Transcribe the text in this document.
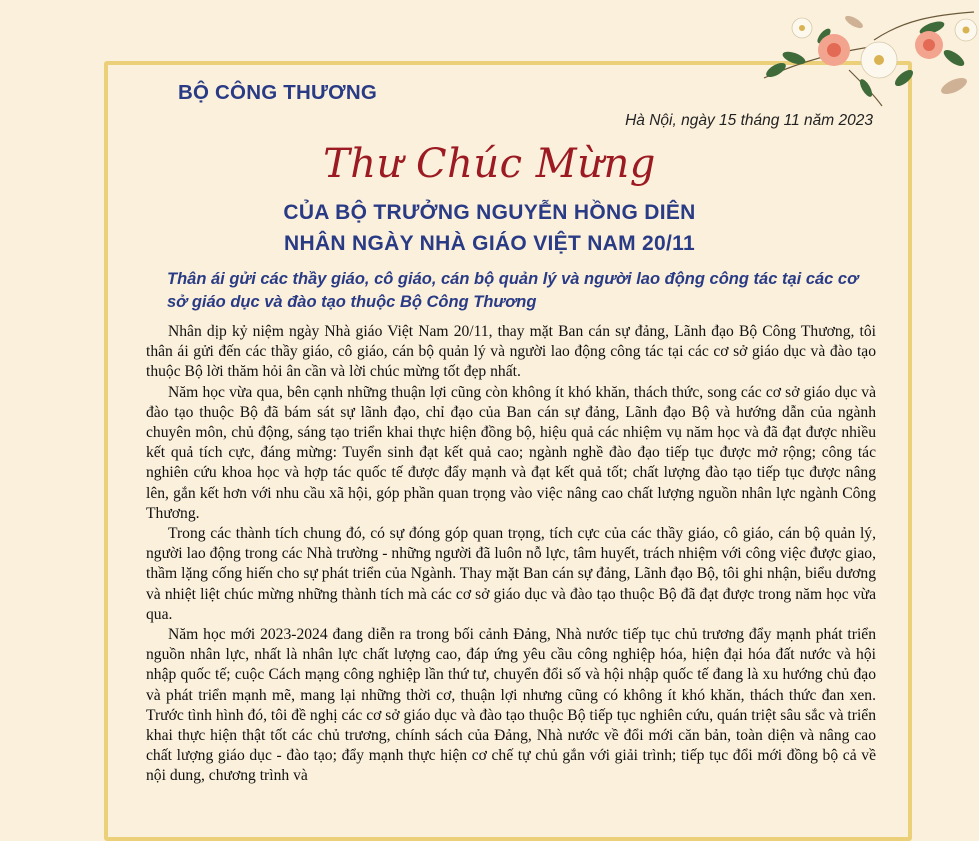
BỘ CÔNG THƯƠNG
Hà Nội, ngày 15 tháng 11 năm 2023
Thư Chúc Mừng
CỦA BỘ TRƯỞNG NGUYỄN HỒNG DIÊN
NHÂN NGÀY NHÀ GIÁO VIỆT NAM 20/11
Thân ái gửi các thầy giáo, cô giáo, cán bộ quản lý và người lao động công tác tại các cơ sở giáo dục và đào tạo thuộc Bộ Công Thương

Nhân dịp kỷ niệm ngày Nhà giáo Việt Nam 20/11, thay mặt Ban cán sự đảng, Lãnh đạo Bộ Công Thương, tôi thân ái gửi đến các thầy giáo, cô giáo, cán bộ quản lý và người lao động công tác tại các cơ sở giáo dục và đào tạo thuộc Bộ lời thăm hỏi ân cần và lời chúc mừng tốt đẹp nhất.

Năm học vừa qua, bên cạnh những thuận lợi cũng còn không ít khó khăn, thách thức, song các cơ sở giáo dục và đào tạo thuộc Bộ đã bám sát sự lãnh đạo, chỉ đạo của Ban cán sự đảng, Lãnh đạo Bộ và hướng dẫn của ngành chuyên môn, chủ động, sáng tạo triển khai thực hiện đồng bộ, hiệu quả các nhiệm vụ năm học và đã đạt được nhiều kết quả tích cực, đáng mừng: Tuyển sinh đạt kết quả cao; ngành nghề đào đạo tiếp tục được mở rộng; công tác nghiên cứu khoa học và hợp tác quốc tế được đẩy mạnh và đạt kết quả tốt; chất lượng đào tạo tiếp tục được nâng lên, gắn kết hơn với nhu cầu xã hội, góp phần quan trọng vào việc nâng cao chất lượng nguồn nhân lực ngành Công Thương.

Trong các thành tích chung đó, có sự đóng góp quan trọng, tích cực của các thầy giáo, cô giáo, cán bộ quản lý, người lao động trong các Nhà trường - những người đã luôn nỗ lực, tâm huyết, trách nhiệm với công việc được giao, thầm lặng cống hiến cho sự phát triển của Ngành. Thay mặt Ban cán sự đảng, Lãnh đạo Bộ, tôi ghi nhận, biểu dương và nhiệt liệt chúc mừng những thành tích mà các cơ sở giáo dục và đào tạo thuộc Bộ đã đạt được trong năm học vừa qua.

Năm học mới 2023-2024 đang diễn ra trong bối cảnh Đảng, Nhà nước tiếp tục chủ trương đẩy mạnh phát triển nguồn nhân lực, nhất là nhân lực chất lượng cao, đáp ứng yêu cầu công nghiệp hóa, hiện đại hóa đất nước và hội nhập quốc tế; cuộc Cách mạng công nghiệp lần thứ tư, chuyển đổi số và hội nhập quốc tế đang là xu hướng chủ đạo và phát triển mạnh mẽ, mang lại những thời cơ, thuận lợi nhưng cũng có không ít khó khăn, thách thức đan xen. Trước tình hình đó, tôi đề nghị các cơ sở giáo dục và đào tạo thuộc Bộ tiếp tục nghiên cứu, quán triệt sâu sắc và triển khai thực hiện thật tốt các chủ trương, chính sách của Đảng, Nhà nước về đổi mới căn bản, toàn diện và nâng cao chất lượng giáo dục - đào tạo; đẩy mạnh thực hiện cơ chế tự chủ gắn với giải trình; tiếp tục đổi mới đồng bộ cả về nội dung, chương trình và
